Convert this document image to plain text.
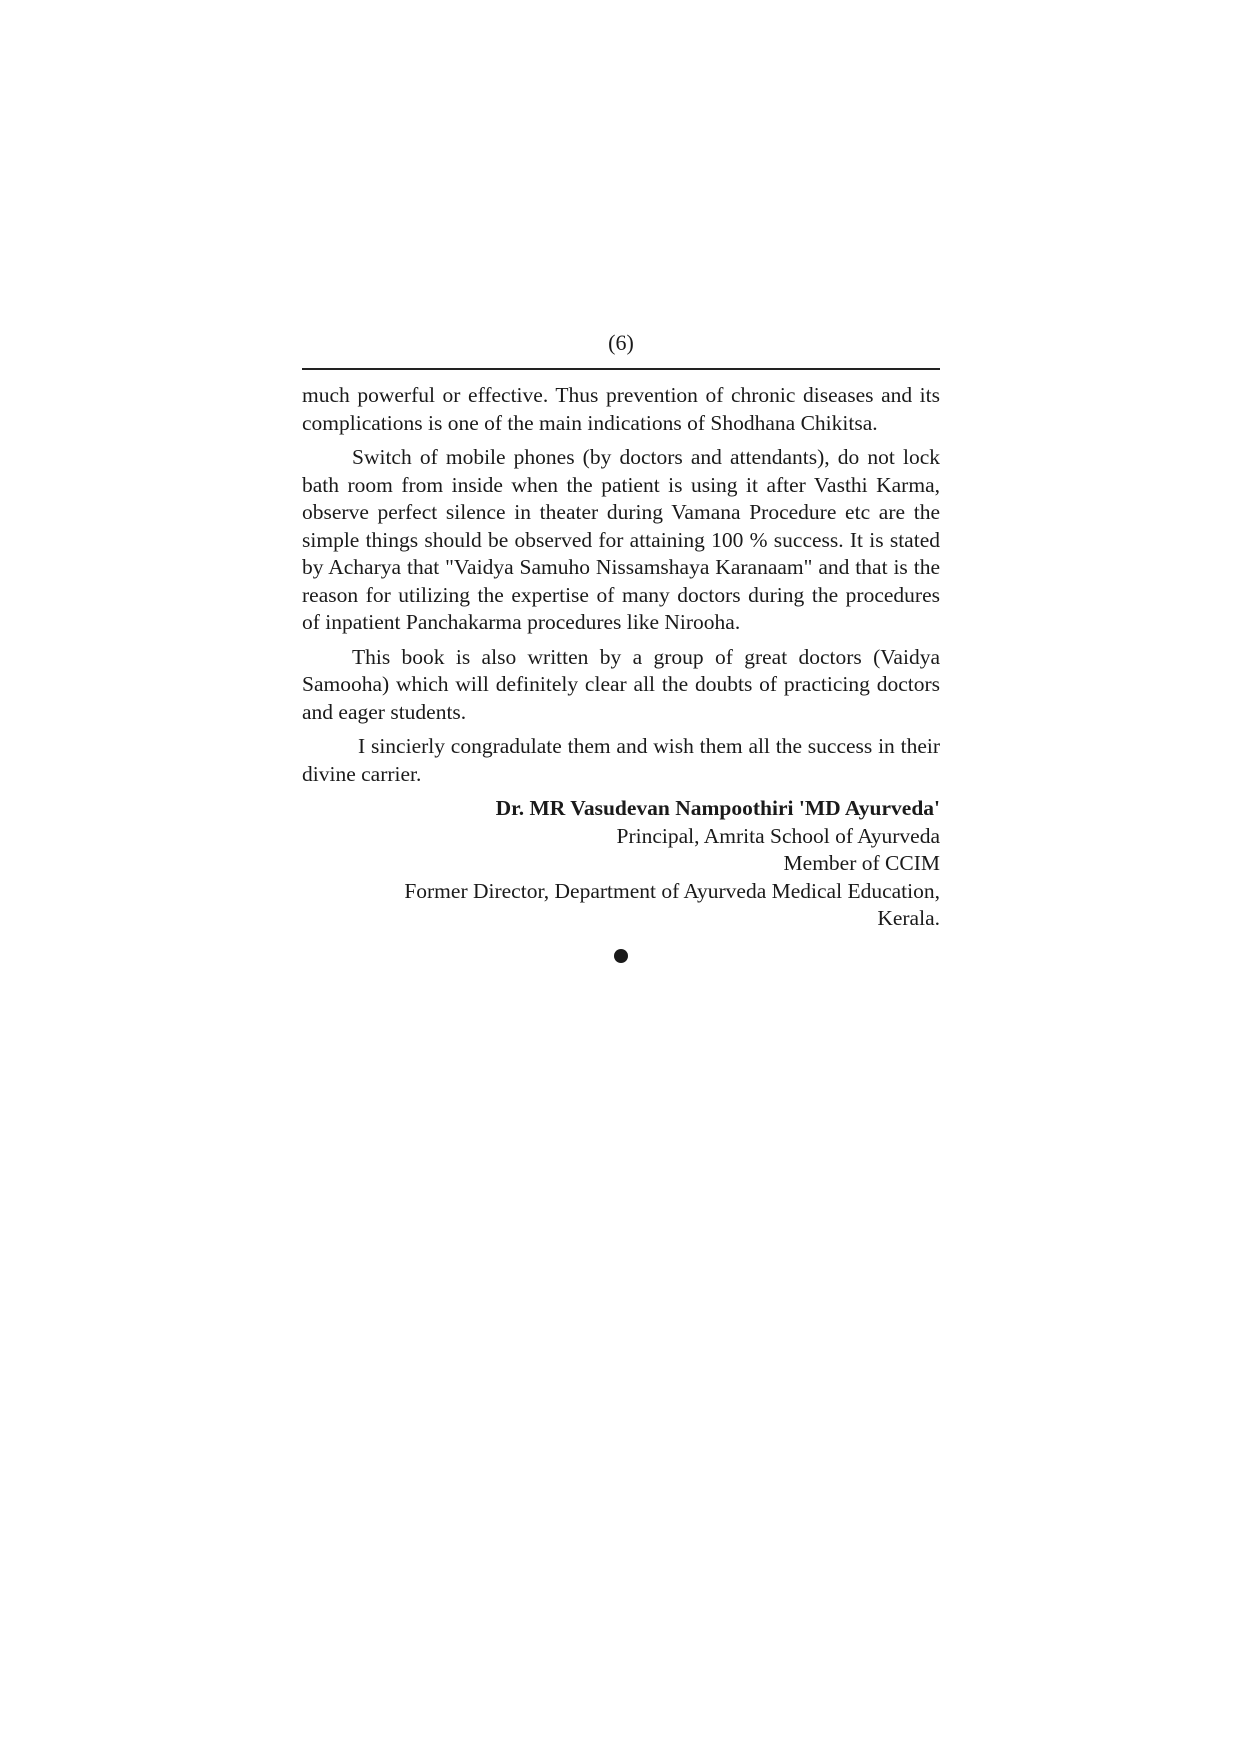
(6)

much powerful or effective. Thus prevention of chronic diseases and its complications is one of the main indications of Shodhana Chikitsa.

Switch of mobile phones (by doctors and attendants), do not lock bath room from inside when the patient is using it after Vasthi Karma, observe perfect silence in theater during Vamana Procedure etc are the simple things should be observed for attaining 100 % success. It is stated by Acharya that "Vaidya Samuho Nissamshaya Karanaam" and that is the reason for utilizing the expertise of many doctors during the procedures of inpatient Panchakarma procedures like Nirooha.

This book is also written by a group of great doctors (Vaidya Samooha) which will definitely clear all the doubts of practicing doctors and eager students.

I sincierly congradulate them and wish them all the success in their divine carrier.

Dr. MR Vasudevan Nampoothiri 'MD Ayurveda'

Principal, Amrita School of Ayurveda

Member of CCIM

Former Director, Department of Ayurveda Medical Education,

Kerala.
